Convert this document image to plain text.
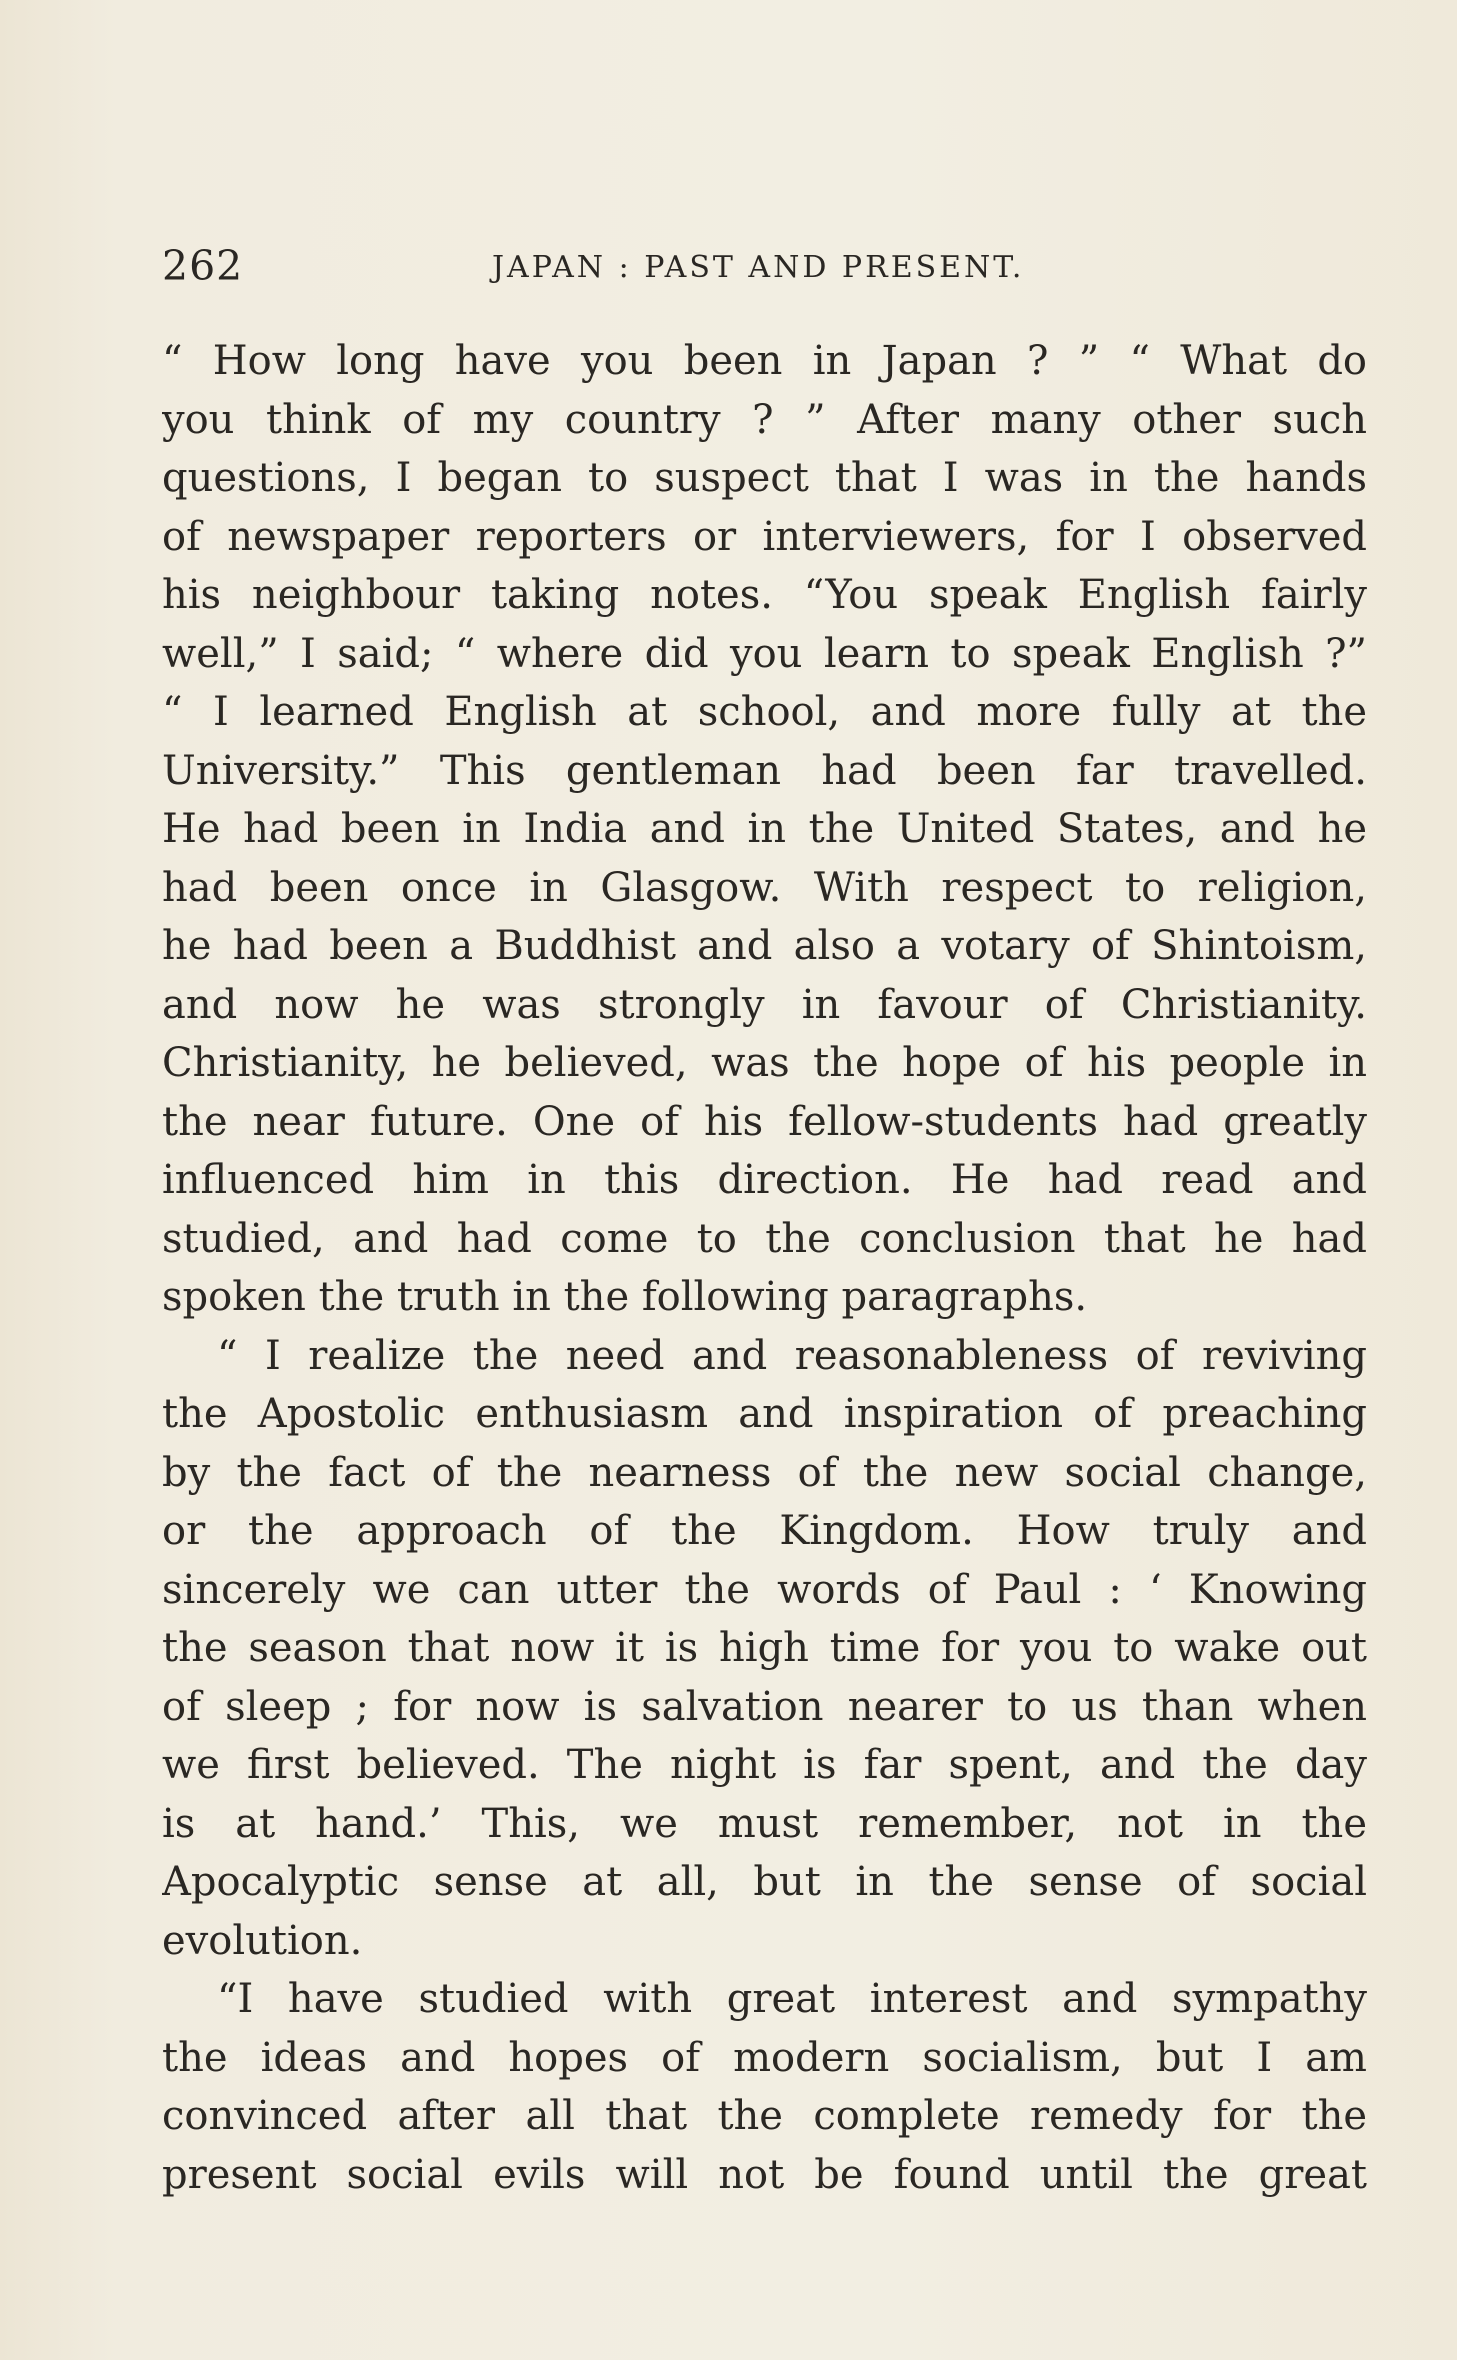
262	JAPAN : PAST AND PRESENT.
“ How long have you been in Japan ? ” “ What do
you think of my country ? ” After many other such
questions, I began to suspect that I was in the hands
of newspaper reporters or interviewers, for I observed
his neighbour taking notes. “You speak English fairly
well,” I said; “ where did you learn to speak English ?”
“ I learned English at school, and more fully at the
University.” This gentleman had been far travelled.
He had been in India and in the United States, and he
had been once in Glasgow. With respect to religion,
he had been a Buddhist and also a votary of Shintoism,
and now he was strongly in favour of Christianity.
Christianity, he believed, was the hope of his people in
the near future. One of his fellow-students had greatly
influenced him in this direction. He had read and
studied, and had come to the conclusion that he had
spoken the truth in the following paragraphs.
“ I realize the need and reasonableness of reviving
the Apostolic enthusiasm and inspiration of preaching
by the fact of the nearness of the new social change,
or the approach of the Kingdom. How truly and
sincerely we can utter the words of Paul : ‘ Knowing
the season that now it is high time for you to wake out
of sleep ; for now is salvation nearer to us than when
we first believed. The night is far spent, and the day
is at hand.’ This, we must remember, not in the
Apocalyptic sense at all, but in the sense of social
evolution.
“I have studied with great interest and sympathy
the ideas and hopes of modern socialism, but I am
convinced after all that the complete remedy for the
present social evils will not be found until the great
